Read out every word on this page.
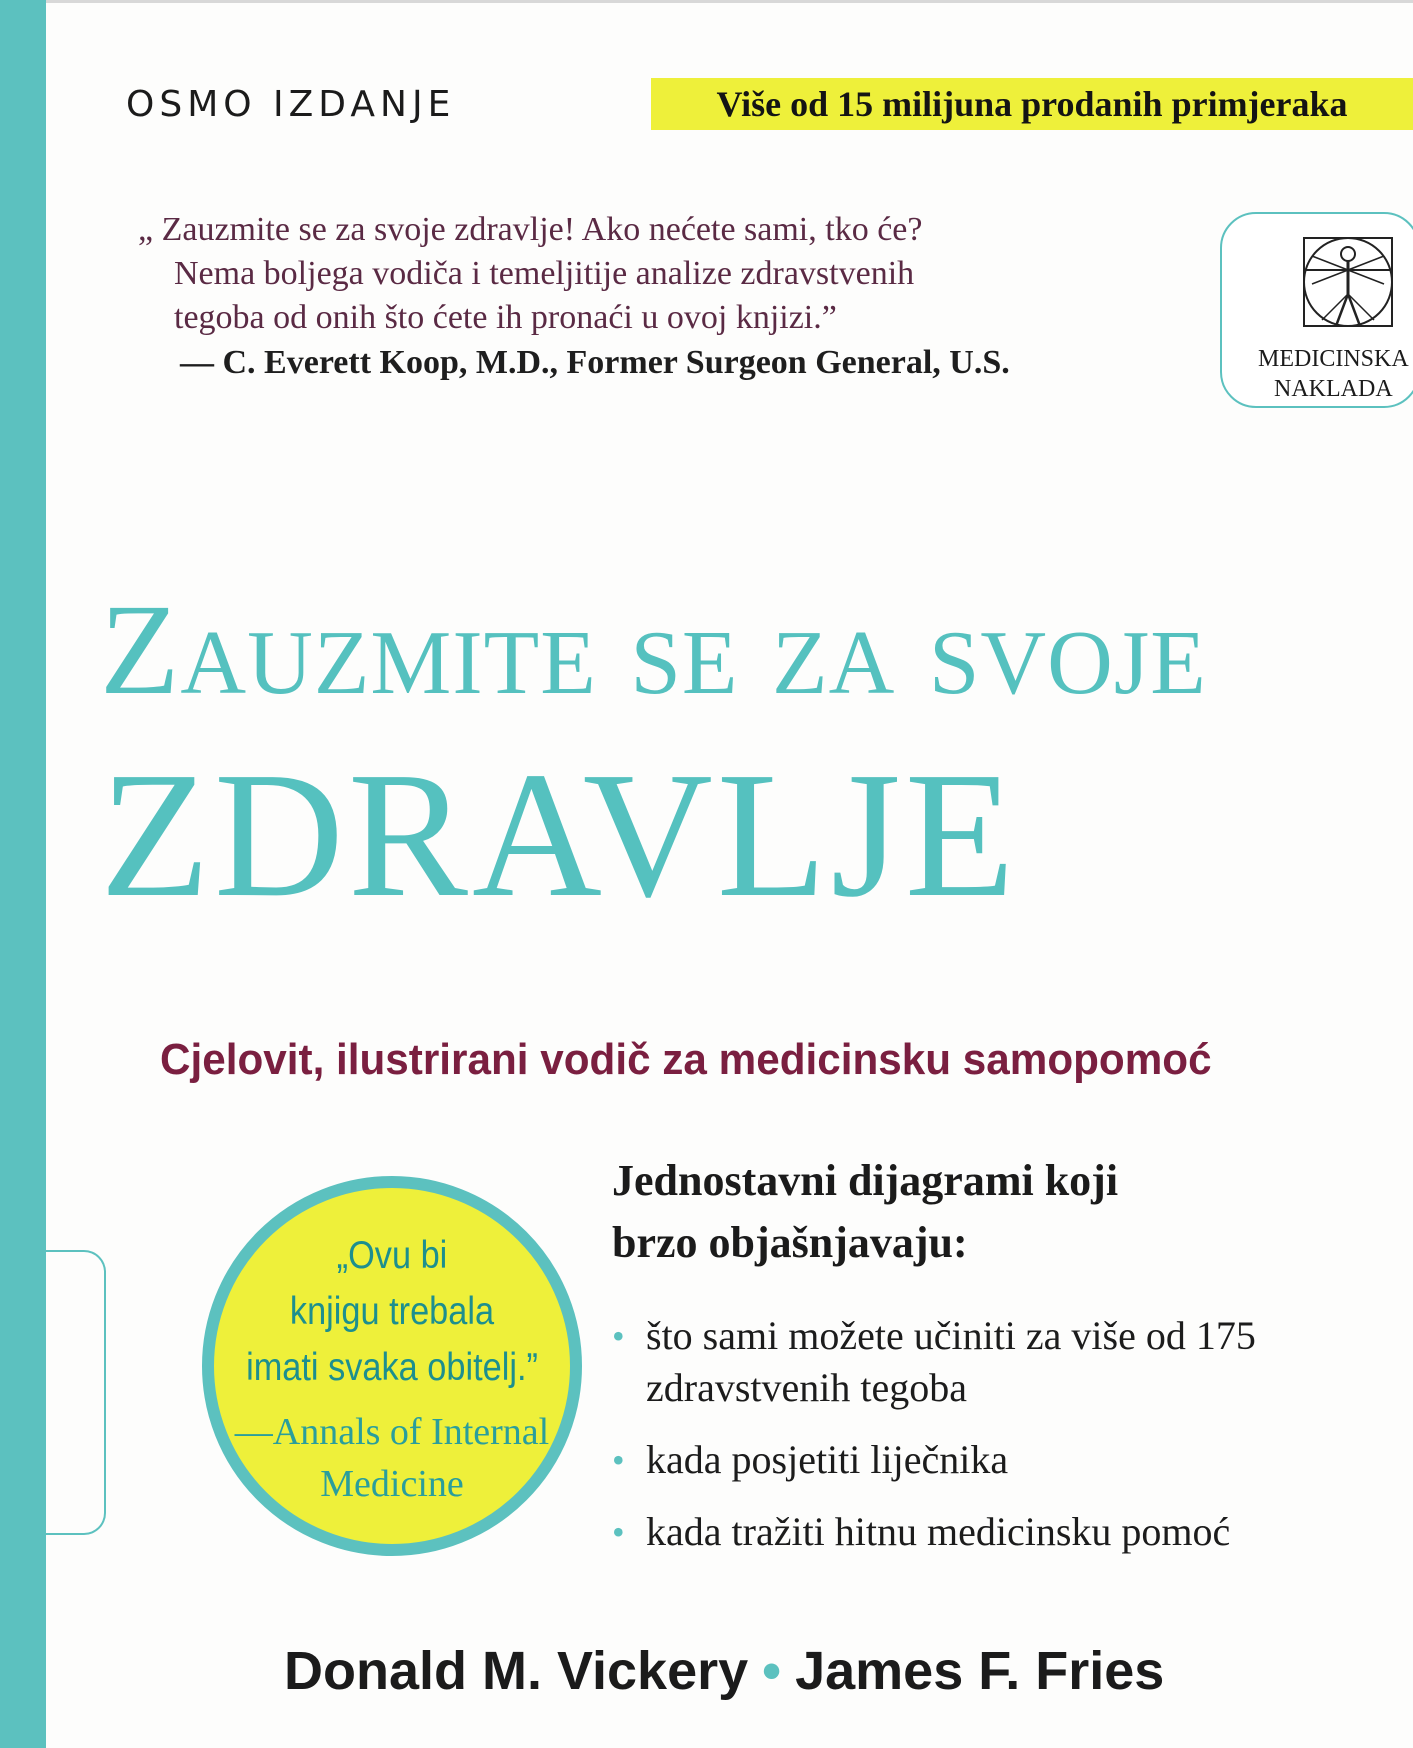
OSMO IZDANJE	Više od 15 milijuna prodanih primjeraka
„ Zauzmite se za svoje zdravlje! Ako nećete sami, tko će?
Nema boljega vodiča i temeljitije analize zdravstvenih
tegoba od onih što ćete ih pronaći u ovoj knjizi.”
— C. Everett Koop, M.D., Former Surgeon General, U.S.	MEDICINSKA
NAKLADA
Zauzmite se za svoje
ZDRAVLJE
Cjelovit, ilustrirani vodič za medicinsku samopomoć
Jednostavni dijagrami koji
brzo objašnjavaju:
• što sami možete učiniti za više od 175 zdravstvenih tegoba
• kada posjetiti liječnika
• kada tražiti hitnu medicinsku pomoć
„Ovu bi
knjigu trebala
imati svaka obitelj.”
—Annals of Internal
Medicine
Donald M. Vickery • James F. Fries
